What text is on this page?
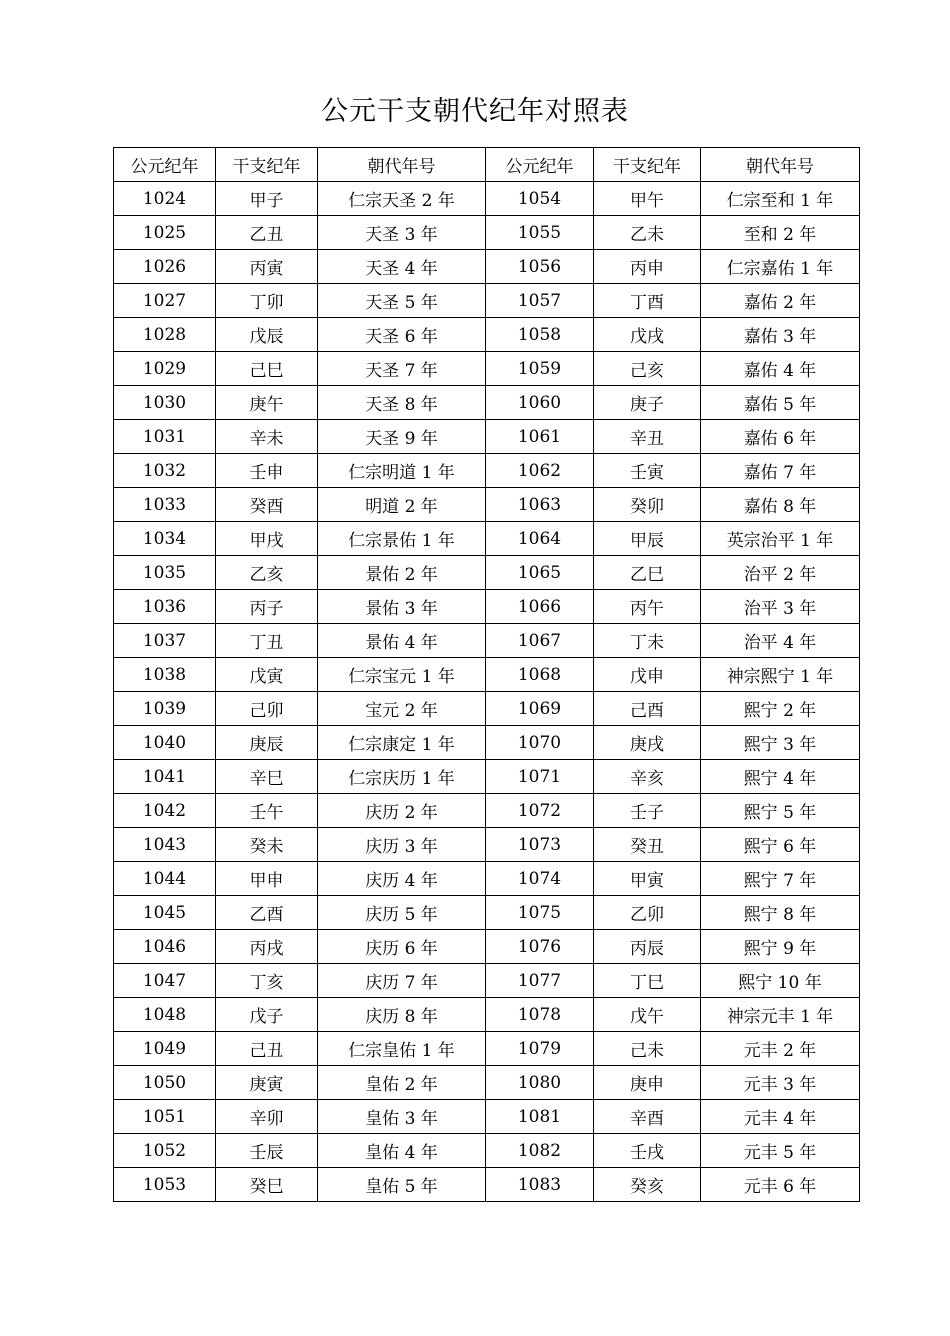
公元干支朝代纪年对照表
公元纪年	干支纪年	朝代年号	公元纪年	干支纪年	朝代年号
1024	甲子	仁宗天圣 2 年	1054	甲午	仁宗至和 1 年
1025	乙丑	天圣 3 年	1055	乙未	至和 2 年
1026	丙寅	天圣 4 年	1056	丙申	仁宗嘉佑 1 年
1027	丁卯	天圣 5 年	1057	丁酉	嘉佑 2 年
1028	戊辰	天圣 6 年	1058	戊戌	嘉佑 3 年
1029	己巳	天圣 7 年	1059	己亥	嘉佑 4 年
1030	庚午	天圣 8 年	1060	庚子	嘉佑 5 年
1031	辛未	天圣 9 年	1061	辛丑	嘉佑 6 年
1032	壬申	仁宗明道 1 年	1062	壬寅	嘉佑 7 年
1033	癸酉	明道 2 年	1063	癸卯	嘉佑 8 年
1034	甲戌	仁宗景佑 1 年	1064	甲辰	英宗治平 1 年
1035	乙亥	景佑 2 年	1065	乙巳	治平 2 年
1036	丙子	景佑 3 年	1066	丙午	治平 3 年
1037	丁丑	景佑 4 年	1067	丁未	治平 4 年
1038	戊寅	仁宗宝元 1 年	1068	戊申	神宗熙宁 1 年
1039	己卯	宝元 2 年	1069	己酉	熙宁 2 年
1040	庚辰	仁宗康定 1 年	1070	庚戌	熙宁 3 年
1041	辛巳	仁宗庆历 1 年	1071	辛亥	熙宁 4 年
1042	壬午	庆历 2 年	1072	壬子	熙宁 5 年
1043	癸未	庆历 3 年	1073	癸丑	熙宁 6 年
1044	甲申	庆历 4 年	1074	甲寅	熙宁 7 年
1045	乙酉	庆历 5 年	1075	乙卯	熙宁 8 年
1046	丙戌	庆历 6 年	1076	丙辰	熙宁 9 年
1047	丁亥	庆历 7 年	1077	丁巳	熙宁 10 年
1048	戊子	庆历 8 年	1078	戊午	神宗元丰 1 年
1049	己丑	仁宗皇佑 1 年	1079	己未	元丰 2 年
1050	庚寅	皇佑 2 年	1080	庚申	元丰 3 年
1051	辛卯	皇佑 3 年	1081	辛酉	元丰 4 年
1052	壬辰	皇佑 4 年	1082	壬戌	元丰 5 年
1053	癸巳	皇佑 5 年	1083	癸亥	元丰 6 年
